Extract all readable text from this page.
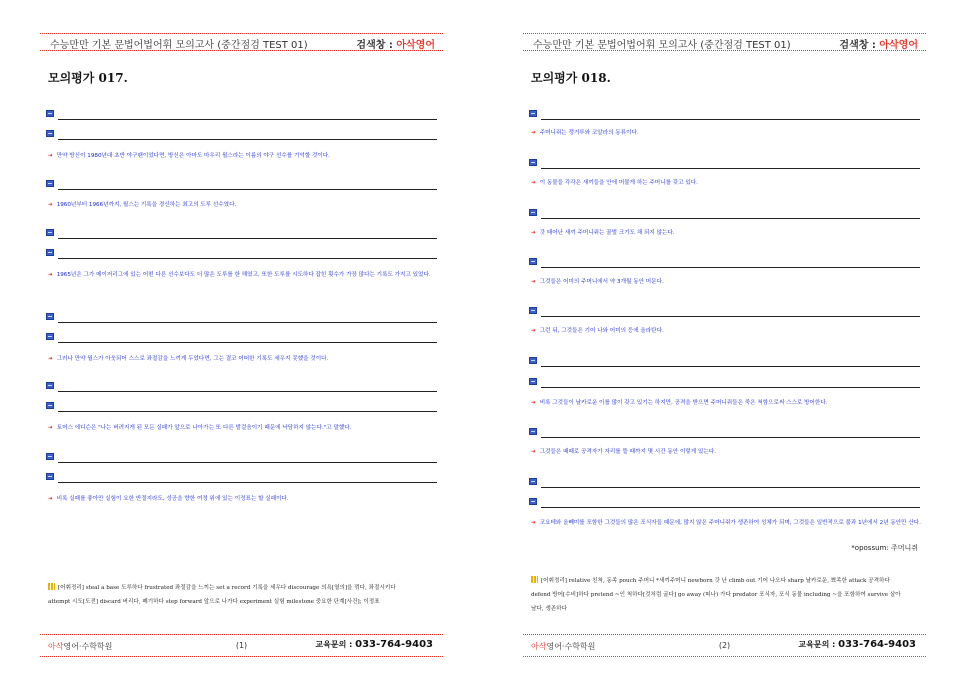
수능만만 기본 문법어법어휘 모의고사 (중간점검 TEST 01)	검색창 : 아삭영어
모의평가 017.
➜ 만약 방신이 1980년대 초반 야구팬이었다면, 방신은 아마도 마우리 윌스라는 이름의 야구 선수를 기억할 것이다.
➜ 1960년부터 1966년까지, 윌스는 기록을 경신하는 최고의 도루 선수였다.
➜ 1965년은 그가 메이저리그에 있는 어떤 다른 선수보다도 더 많은 도루를 한 해였고, 또한 도루를 시도하다 잡힌 횟수가 가장 많다는 기록도 가지고 있었다.
➜ 그러나 만약 윌스가 아웃되어 스스로 좌절감을 느끼게 두었다면, 그는 결코 어떠한 기록도 세우지 못했을 것이다.
➜ 토머스 에디슨은 "나는 버려지게 된 모든 실패가 앞으로 나아가는 또 다른 발걸음이기 때문에 낙담하지 않는다."고 말했다.
➜ 비록 실패를 좋아만 실험이 요한 반절지라도, 성공을 향한 여정 위에 있는 이정표는 할 실패이다.
[어휘정리] steal a base 도루하다 frustrated 좌절감을 느끼는 set a record 기록을 세우다 discourage 의욕[열의]을 꺾다, 좌절시키다
attempt 시도[도전] discard 버리다, 폐기하다 step forward 앞으로 나가다 experiment 실험 milestone 중요한 단계[사건]; 이정표
아삭영어·수학학원	(1)	교육문의 : 033-764-9403
수능만만 기본 문법어법어휘 모의고사 (중간점검 TEST 01)	검색창 : 아삭영어
모의평가 018.
➜ 주머니쥐는 캥거루와 코알라의 동류이다.
➜ 이 동물들 각각은 새끼들을 안에 머물게 하는 주머니를 갖고 있다.
➜ 갓 태어난 새끼 주머니쥐는 꿀벌 크기도 채 되지 않는다.
➜ 그것들은 어미의 주머니에서 약 3개월 동안 머문다.
➜ 그런 뒤, 그것들은 기어 나와 어미의 등에 올라탄다.
➜ 비록 그것들이 날카로운 이를 많이 갖고 있기는 하지만, 공격을 받으면 주머니쥐들은 죽은 척함으로써 스스로 방어한다.
➜ 그것들은 때때로 공격자가 자리를 뜰 때까지 몇 시간 동안 이렇게 있는다.
➜ 코요테와 올빼미를 포함한 그것들의 많은 포식자들 때문에, 많지 않은 주머니쥐가 생존하여 성체가 되며, 그것들은 일반적으로 불과 1년에서 2년 동안만 산다.
*opossum: 주머니쥐
[어휘정리] relative 친척, 동족 pouch 주머니 *새끼주머니 newborn 갓 난 climb out 기어 나오다 sharp 날카로운, 뾰족한 attack 공격하다
defend 방어[수비]하다 pretend ~인 척하다[것처럼 굴다] go away (떠나) 가다 predator 포식자, 포식 동물 including ~을 포함하여 survive 살아
남다, 생존하다
아삭영어·수학학원	(2)	교육문의 : 033-764-9403
